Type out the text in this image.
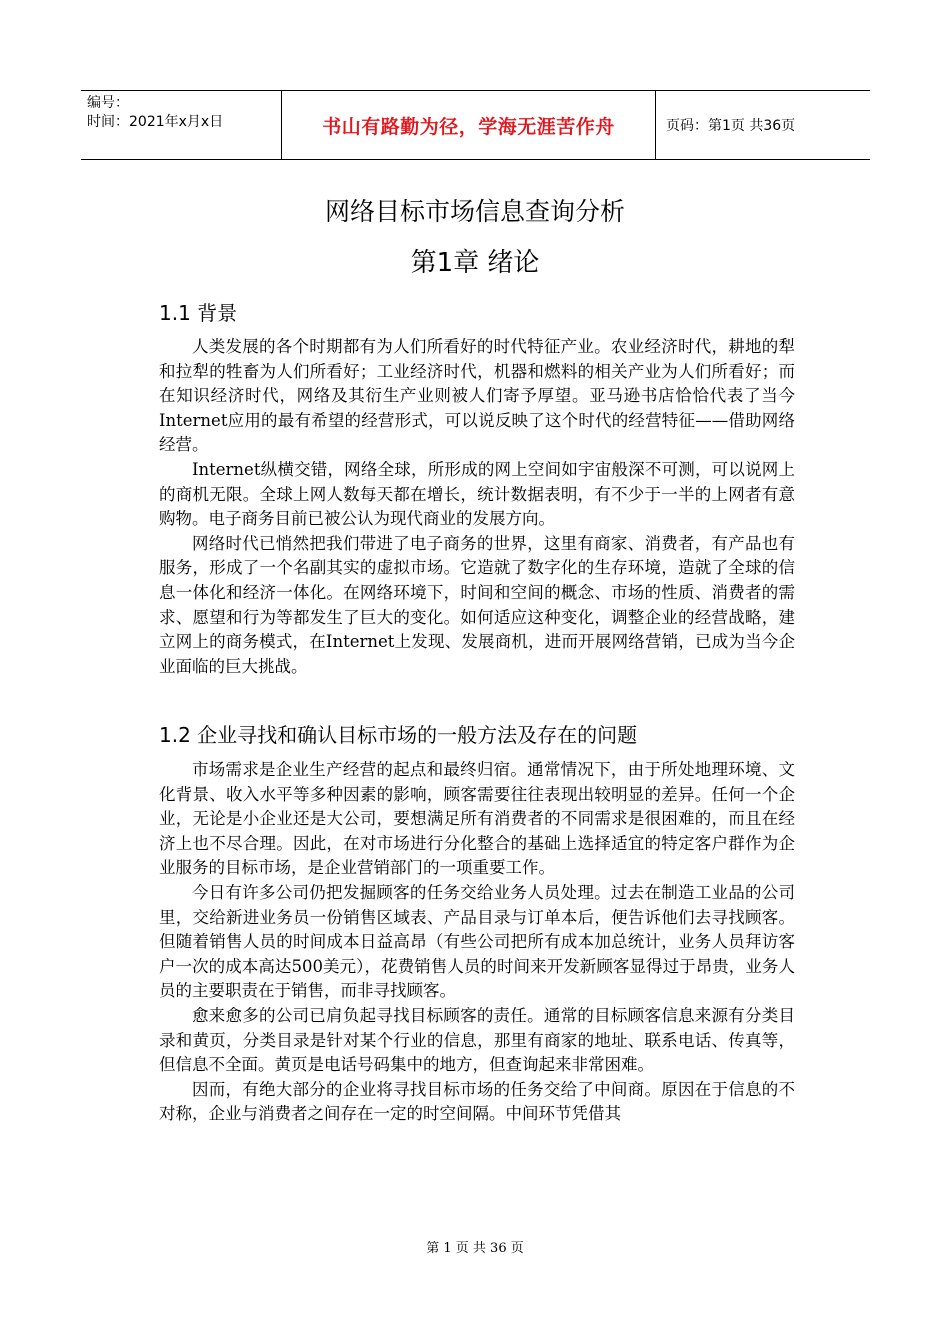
编号：
时间：2021年x月x日	书山有路勤为径，学海无涯苦作舟	页码：第1页 共36页
网络目标市场信息查询分析
第1章 绪论
1.1 背景

人类发展的各个时期都有为人们所看好的时代特征产业。农业经济时代，耕地的犁和拉犁的牲畜为人们所看好；工业经济时代，机器和燃料的相关产业为人们所看好；而在知识经济时代，网络及其衍生产业则被人们寄予厚望。亚马逊书店恰恰代表了当今Internet应用的最有希望的经营形式，可以说反映了这个时代的经营特征——借助网络经营。

Internet纵横交错，网络全球，所形成的网上空间如宇宙般深不可测，可以说网上的商机无限。全球上网人数每天都在增长，统计数据表明，有不少于一半的上网者有意购物。电子商务目前已被公认为现代商业的发展方向。

网络时代已悄然把我们带进了电子商务的世界，这里有商家、消费者，有产品也有服务，形成了一个名副其实的虚拟市场。它造就了数字化的生存环境，造就了全球的信息一体化和经济一体化。在网络环境下，时间和空间的概念、市场的性质、消费者的需求、愿望和行为等都发生了巨大的变化。如何适应这种变化，调整企业的经营战略，建立网上的商务模式，在Internet上发现、发展商机，进而开展网络营销，已成为当今企业面临的巨大挑战。

1.2 企业寻找和确认目标市场的一般方法及存在的问题

市场需求是企业生产经营的起点和最终归宿。通常情况下，由于所处地理环境、文化背景、收入水平等多种因素的影响，顾客需要往往表现出较明显的差异。任何一个企业，无论是小企业还是大公司，要想满足所有消费者的不同需求是很困难的，而且在经济上也不尽合理。因此，在对市场进行分化整合的基础上选择适宜的特定客户群作为企业服务的目标市场，是企业营销部门的一项重要工作。

今日有许多公司仍把发掘顾客的任务交给业务人员处理。过去在制造工业品的公司里，交给新进业务员一份销售区域表、产品目录与订单本后，便告诉他们去寻找顾客。但随着销售人员的时间成本日益高昂（有些公司把所有成本加总统计，业务人员拜访客户一次的成本高达500美元），花费销售人员的时间来开发新顾客显得过于昂贵，业务人员的主要职责在于销售，而非寻找顾客。

愈来愈多的公司已肩负起寻找目标顾客的责任。通常的目标顾客信息来源有分类目录和黄页，分类目录是针对某个行业的信息，那里有商家的地址、联系电话、传真等，但信息不全面。黄页是电话号码集中的地方，但查询起来非常困难。

因而，有绝大部分的企业将寻找目标市场的任务交给了中间商。原因在于信息的不对称，企业与消费者之间存在一定的时空间隔。中间环节凭借其

第 1 页 共 36 页
